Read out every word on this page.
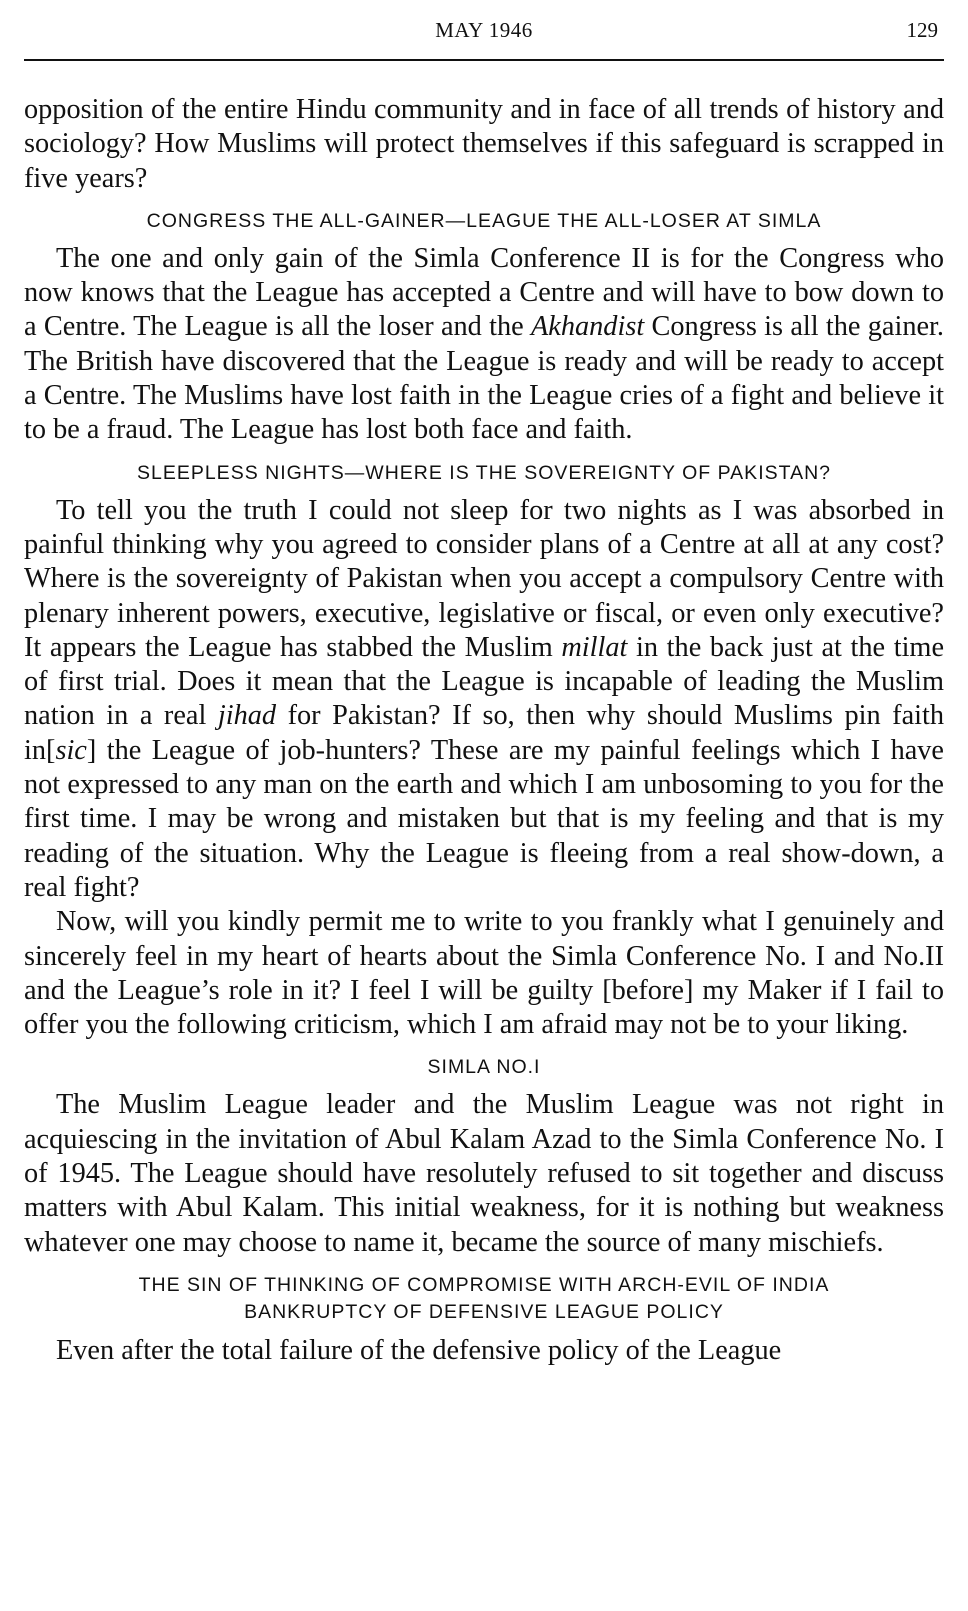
MAY 1946	129

opposition of the entire Hindu community and in face of all trends of history and sociology? How Muslims will protect themselves if this safeguard is scrapped in five years?

CONGRESS THE ALL-GAINER—LEAGUE THE ALL-LOSER AT SIMLA

The one and only gain of the Simla Conference II is for the Congress who now knows that the League has accepted a Centre and will have to bow down to a Centre. The League is all the loser and the Akhandist Congress is all the gainer. The British have discovered that the League is ready and will be ready to accept a Centre. The Muslims have lost faith in the League cries of a fight and believe it to be a fraud. The League has lost both face and faith.

SLEEPLESS NIGHTS—WHERE IS THE SOVEREIGNTY OF PAKISTAN?

To tell you the truth I could not sleep for two nights as I was absorbed in painful thinking why you agreed to consider plans of a Centre at all at any cost? Where is the sovereignty of Pakistan when you accept a compulsory Centre with plenary inherent powers, executive, legislative or fiscal, or even only executive? It appears the League has stabbed the Muslim millat in the back just at the time of first trial. Does it mean that the League is incapable of leading the Muslim nation in a real jihad for Pakistan? If so, then why should Muslims pin faith in[sic] the League of job-hunters? These are my painful feelings which I have not expressed to any man on the earth and which I am unbosoming to you for the first time. I may be wrong and mistaken but that is my feeling and that is my reading of the situation. Why the League is fleeing from a real show-down, a real fight?

Now, will you kindly permit me to write to you frankly what I genuinely and sincerely feel in my heart of hearts about the Simla Conference No. I and No.II and the League’s role in it? I feel I will be guilty [before] my Maker if I fail to offer you the following criticism, which I am afraid may not be to your liking.

SIMLA NO.I

The Muslim League leader and the Muslim League was not right in acquiescing in the invitation of Abul Kalam Azad to the Simla Conference No. I of 1945. The League should have resolutely refused to sit together and discuss matters with Abul Kalam. This initial weakness, for it is nothing but weakness whatever one may choose to name it, became the source of many mischiefs.

THE SIN OF THINKING OF COMPROMISE WITH ARCH-EVIL OF INDIA
BANKRUPTCY OF DEFENSIVE LEAGUE POLICY

Even after the total failure of the defensive policy of the League
